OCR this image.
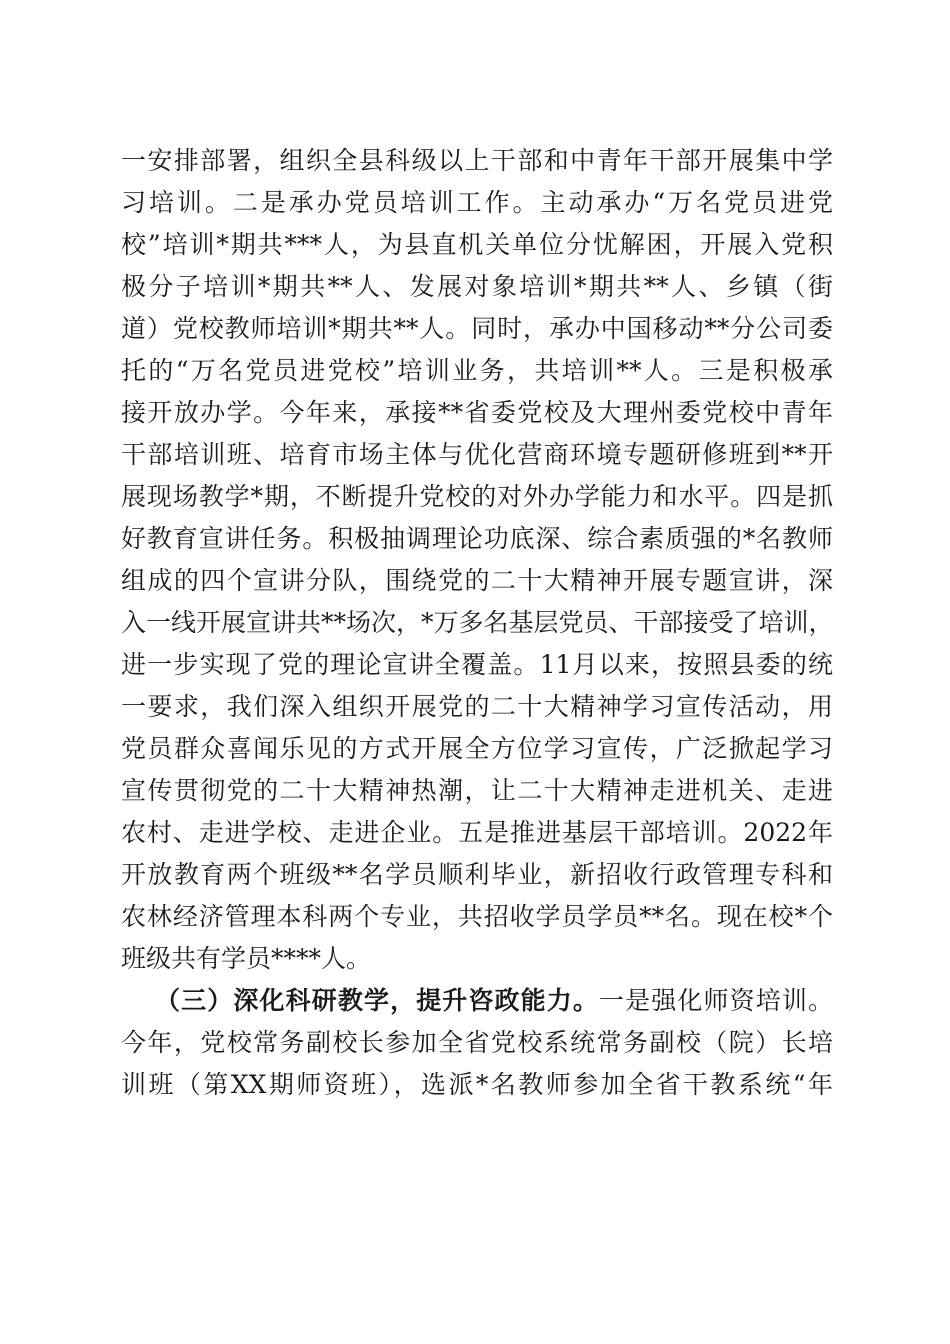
一安排部署，组织全县科级以上干部和中青年干部开展集中学
习培训。二是承办党员培训工作。主动承办“万名党员进党
校”培训*期共***人，为县直机关单位分忧解困，开展入党积
极分子培训*期共**人、发展对象培训*期共**人、乡镇（街
道）党校教师培训*期共**人。同时，承办中国移动**分公司委
托的“万名党员进党校”培训业务，共培训**人。三是积极承
接开放办学。今年来，承接**省委党校及大理州委党校中青年
干部培训班、培育市场主体与优化营商环境专题研修班到**开
展现场教学*期，不断提升党校的对外办学能力和水平。四是抓
好教育宣讲任务。积极抽调理论功底深、综合素质强的*名教师
组成的四个宣讲分队，围绕党的二十大精神开展专题宣讲，深
入一线开展宣讲共**场次，*万多名基层党员、干部接受了培训，
进一步实现了党的理论宣讲全覆盖。11月以来，按照县委的统
一要求，我们深入组织开展党的二十大精神学习宣传活动，用
党员群众喜闻乐见的方式开展全方位学习宣传，广泛掀起学习
宣传贯彻党的二十大精神热潮，让二十大精神走进机关、走进
农村、走进学校、走进企业。五是推进基层干部培训。2022年
开放教育两个班级**名学员顺利毕业，新招收行政管理专科和
农林经济管理本科两个专业，共招收学员学员**名。现在校*个
班级共有学员****人。
（三）深化科研教学，提升咨政能力。一是强化师资培训。
今年，党校常务副校长参加全省党校系统常务副校（院）长培
训班（第XX期师资班），选派*名教师参加全省干教系统“年
